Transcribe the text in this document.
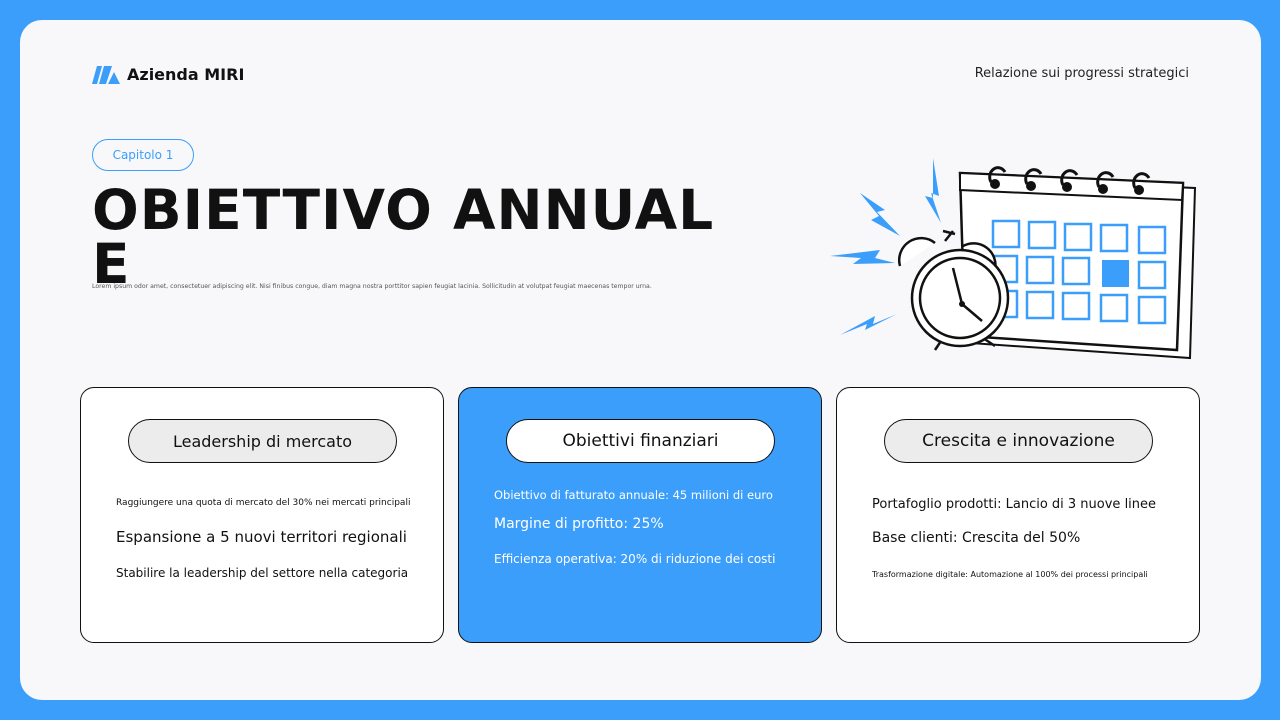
Azienda MIRI	Relazione sui progressi strategici
Capitolo 1
OBIETTIVO ANNUALE
Lorem ipsum odor amet, consectetuer adipiscing elit. Nisi finibus congue, diam magna nostra porttitor sapien feugiat lacinia. Sollicitudin at volutpat feugiat maecenas tempor urna.
Leadership di mercato
Raggiungere una quota di mercato del 30% nei mercati principali
Espansione a 5 nuovi territori regionali
Stabilire la leadership del settore nella categoria
Obiettivi finanziari
Obiettivo di fatturato annuale: 45 milioni di euro
Margine di profitto: 25%
Efficienza operativa: 20% di riduzione dei costi
Crescita e innovazione
Portafoglio prodotti: Lancio di 3 nuove linee
Base clienti: Crescita del 50%
Trasformazione digitale: Automazione al 100% dei processi principali
